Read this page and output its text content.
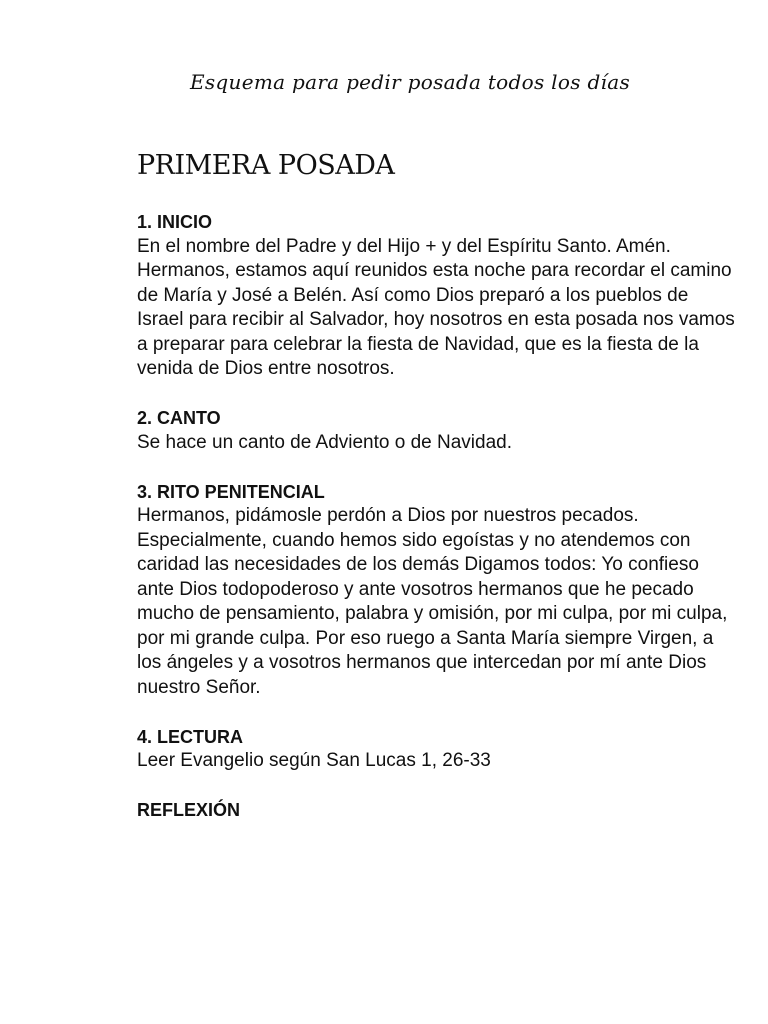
Esquema para pedir posada todos los días
PRIMERA POSADA
1. INICIO

En el nombre del Padre y del Hijo + y del Espíritu Santo. Amén.

Hermanos, estamos aquí reunidos esta noche para recordar el camino de María y José a Belén. Así como Dios preparó a los pueblos de Israel para recibir al Salvador, hoy nosotros en esta posada nos vamos a preparar para celebrar la fiesta de Navidad, que es la fiesta de la venida de Dios entre nosotros.

2. CANTO

Se hace un canto de Adviento o de Navidad.

3. RITO PENITENCIAL

Hermanos, pidámosle perdón a Dios por nuestros pecados. Especialmente, cuando hemos sido egoístas y no atendemos con caridad las necesidades de los demás Digamos todos: Yo confieso ante Dios todopoderoso y ante vosotros hermanos que he pecado mucho de pensamiento, palabra y omisión, por mi culpa, por mi culpa, por mi grande culpa. Por eso ruego a Santa María siempre Virgen, a los ángeles y a vosotros hermanos que intercedan por mí ante Dios nuestro Señor.

4. LECTURA

Leer Evangelio según San Lucas 1, 26-33

REFLEXIÓN
